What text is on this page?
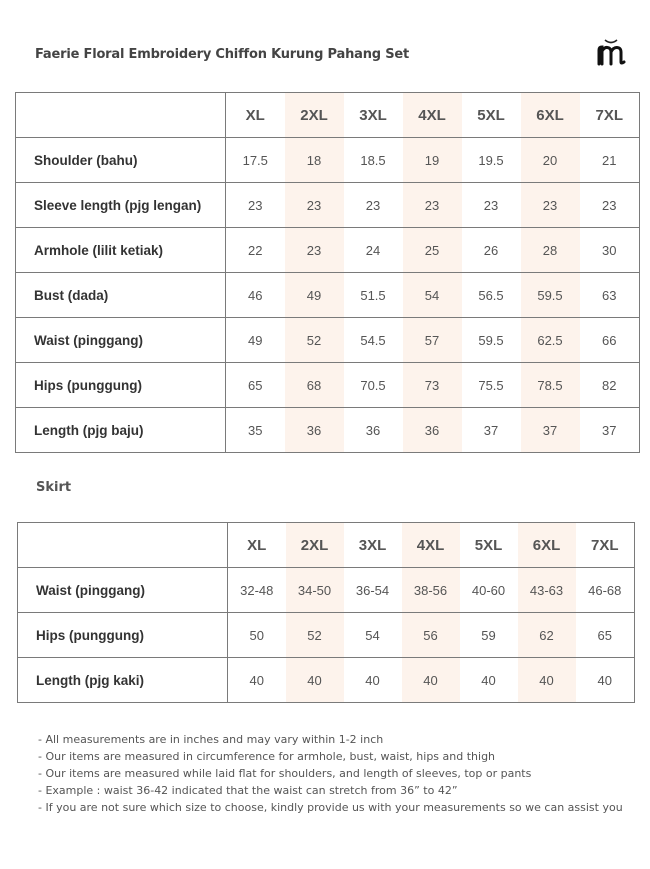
Faerie Floral Embroidery Chiffon Kurung Pahang Set
	XL	2XL	3XL	4XL	5XL	6XL	7XL
Shoulder (bahu)	17.5	18	18.5	19	19.5	20	21
Sleeve length (pjg lengan)	23	23	23	23	23	23	23
Armhole (lilit ketiak)	22	23	24	25	26	28	30
Bust (dada)	46	49	51.5	54	56.5	59.5	63
Waist (pinggang)	49	52	54.5	57	59.5	62.5	66
Hips (punggung)	65	68	70.5	73	75.5	78.5	82
Length (pjg baju)	35	36	36	36	37	37	37
Skirt
	XL	2XL	3XL	4XL	5XL	6XL	7XL
Waist (pinggang)	32-48	34-50	36-54	38-56	40-60	43-63	46-68
Hips (punggung)	50	52	54	56	59	62	65
Length (pjg kaki)	40	40	40	40	40	40	40
- All measurements are in inches and may vary within 1-2 inch
- Our items are measured in circumference for armhole, bust, waist, hips and thigh
- Our items are measured while laid flat for shoulders, and length of sleeves, top or pants
- Example : waist 36-42 indicated that the waist can stretch from 36” to 42”
- If you are not sure which size to choose, kindly provide us with your measurements so we can assist you
